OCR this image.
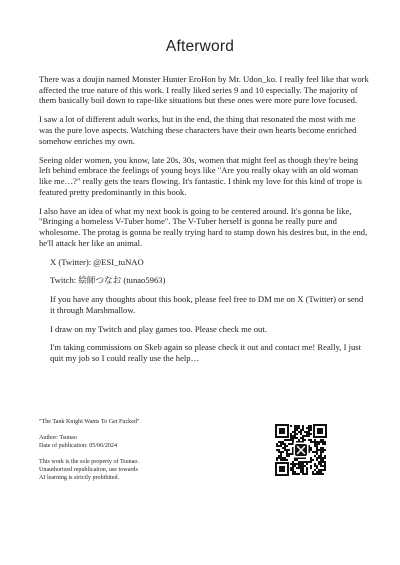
Afterword

There was a doujin named Monster Hunter EroHon by Mr. Udon_ko. I really feel like that work affected the true nature of this work. I really liked series 9 and 10 especially. The majority of them basically boil down to rape-like situations but these ones were more pure love focused.

I saw a lot of different adult works, but in the end, the thing that resonated the most with me was the pure love aspects. Watching these characters have their own hearts become enriched somehow enriches my own.

Seeing older women, you know, late 20s, 30s, women that might feel as though they're being left behind embrace the feelings of young boys like "Are you really okay with an old woman like me…?" really gets the tears flowing. It's fantastic. I think my love for this kind of trope is featured pretty predominantly in this book.

I also have an idea of what my next book is going to be centered around. It's gonna be like, "Bringing a homeless V-Tuber home". The V-Tuber herself is gonna be really pure and wholesome. The protag is gonna be really trying hard to stamp down his desires but, in the end, he'll attack her like an animal.

X (Twitter): @ESI_tuNAO

Twitch: 絵師つなお (tunao5963)

If you have any thoughts about this book, please feel free to DM me on X (Twitter) or send it through Marshmallow.

I draw on my Twitch and play games too. Please check me out.

I'm taking commissions on Skeb again so please check it out and contact me! Really, I just quit my job so I could really use the help…

"The Tank Knight Wants To Get Fucked"

Author: Tsunao

Date of publication: 05/06/2024

This work is the sole property of Tsunao.

Unauthorized republication, use towards

AI learning is strictly prohibited.
